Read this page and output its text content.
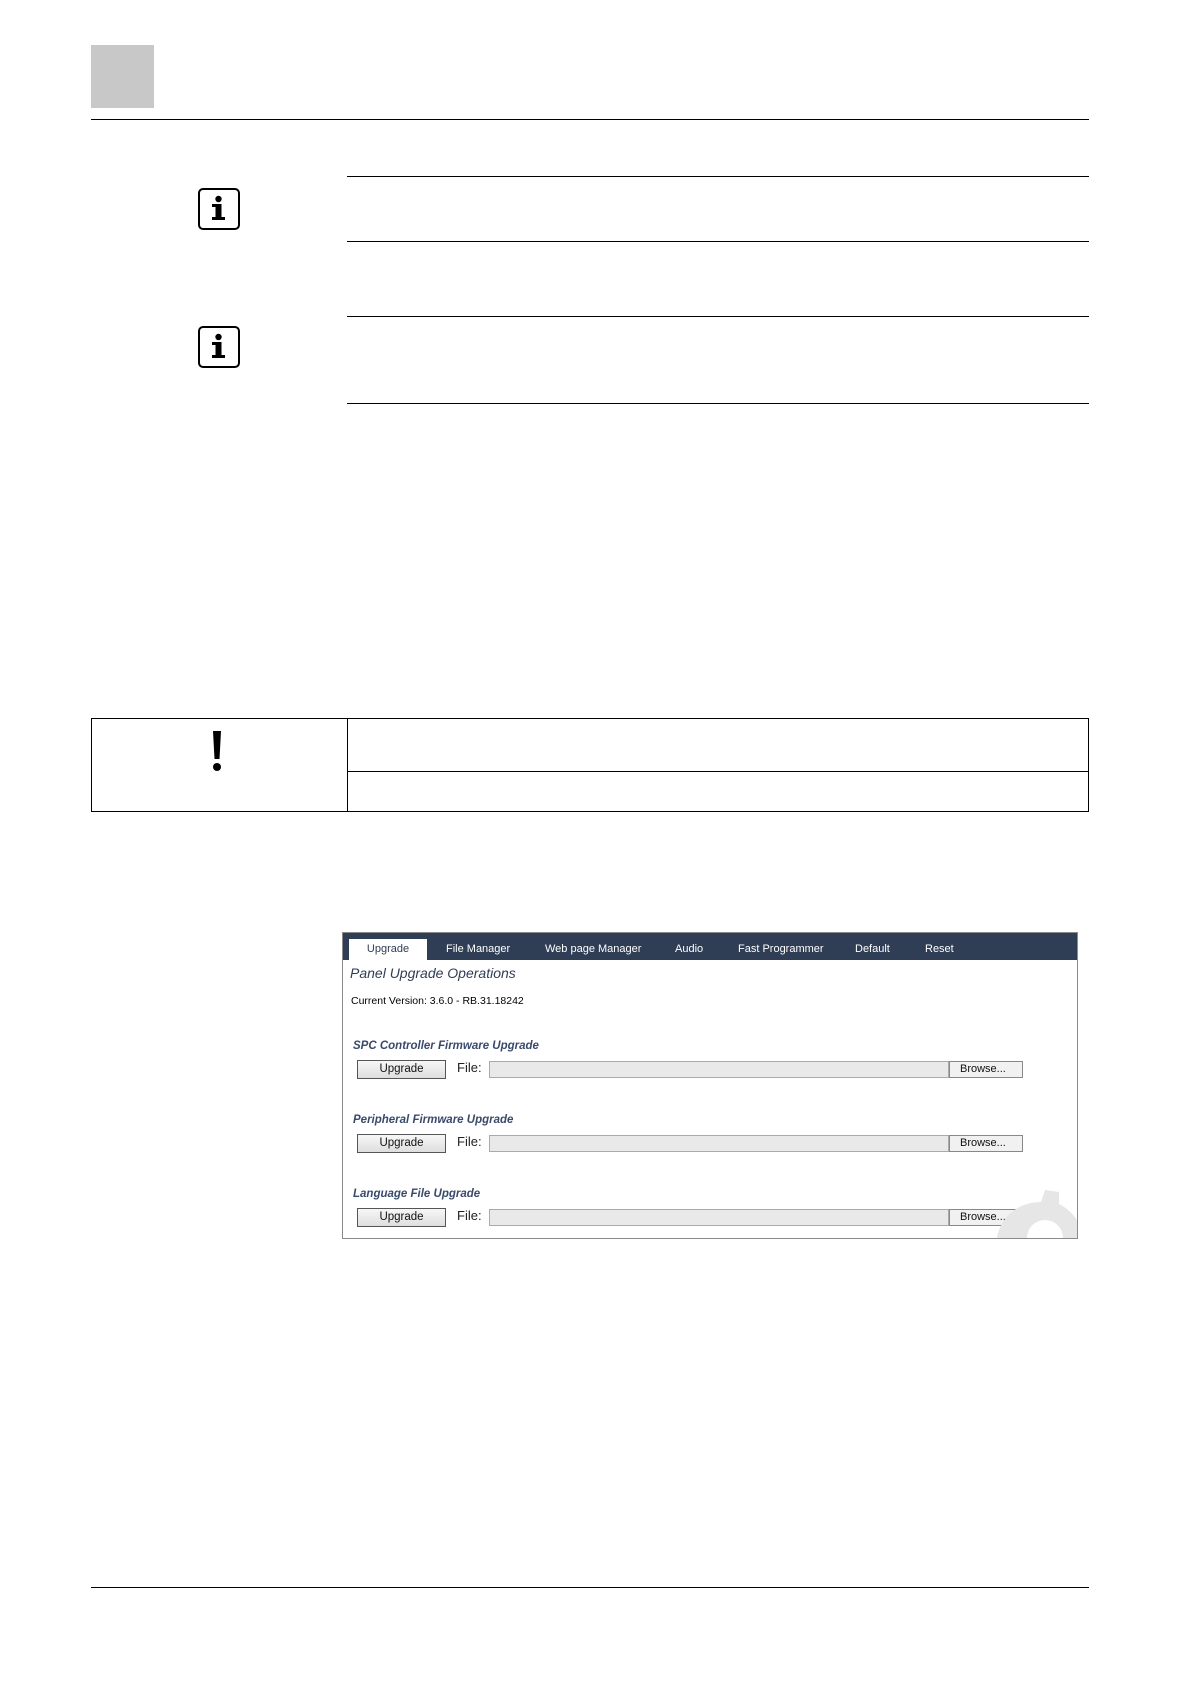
Upgrade	File Manager	Web page Manager	Audio	Fast Programmer	Default	Reset
Panel Upgrade Operations
Current Version: 3.6.0 - RB.31.18242
SPC Controller Firmware Upgrade
Upgrade	File:	Browse...
Peripheral Firmware Upgrade
Upgrade	File:	Browse...
Language File Upgrade
Upgrade	File:	Browse...
